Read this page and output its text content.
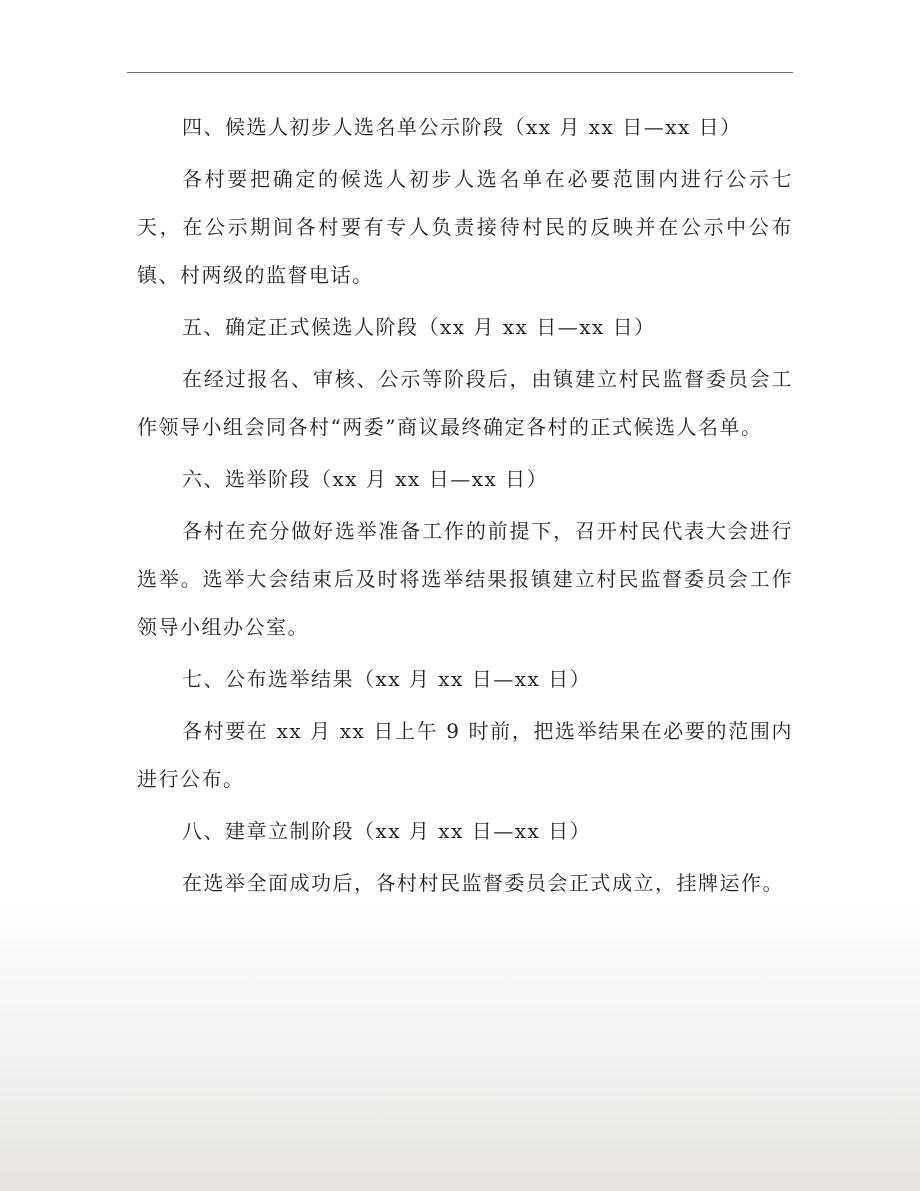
四、候选人初步人选名单公示阶段（xx 月 xx 日—xx 日）

各村要把确定的候选人初步人选名单在必要范围内进行公示七天，在公示期间各村要有专人负责接待村民的反映并在公示中公布镇、村两级的监督电话。

五、确定正式候选人阶段（xx 月 xx 日—xx 日）

在经过报名、审核、公示等阶段后，由镇建立村民监督委员会工作领导小组会同各村“两委”商议最终确定各村的正式候选人名单。

六、选举阶段（xx 月 xx 日—xx 日）

各村在充分做好选举准备工作的前提下，召开村民代表大会进行选举。选举大会结束后及时将选举结果报镇建立村民监督委员会工作领导小组办公室。

七、公布选举结果（xx 月 xx 日—xx 日）

各村要在 xx 月 xx 日上午 9 时前，把选举结果在必要的范围内进行公布。

八、建章立制阶段（xx 月 xx 日—xx 日）

在选举全面成功后，各村村民监督委员会正式成立，挂牌运作。
